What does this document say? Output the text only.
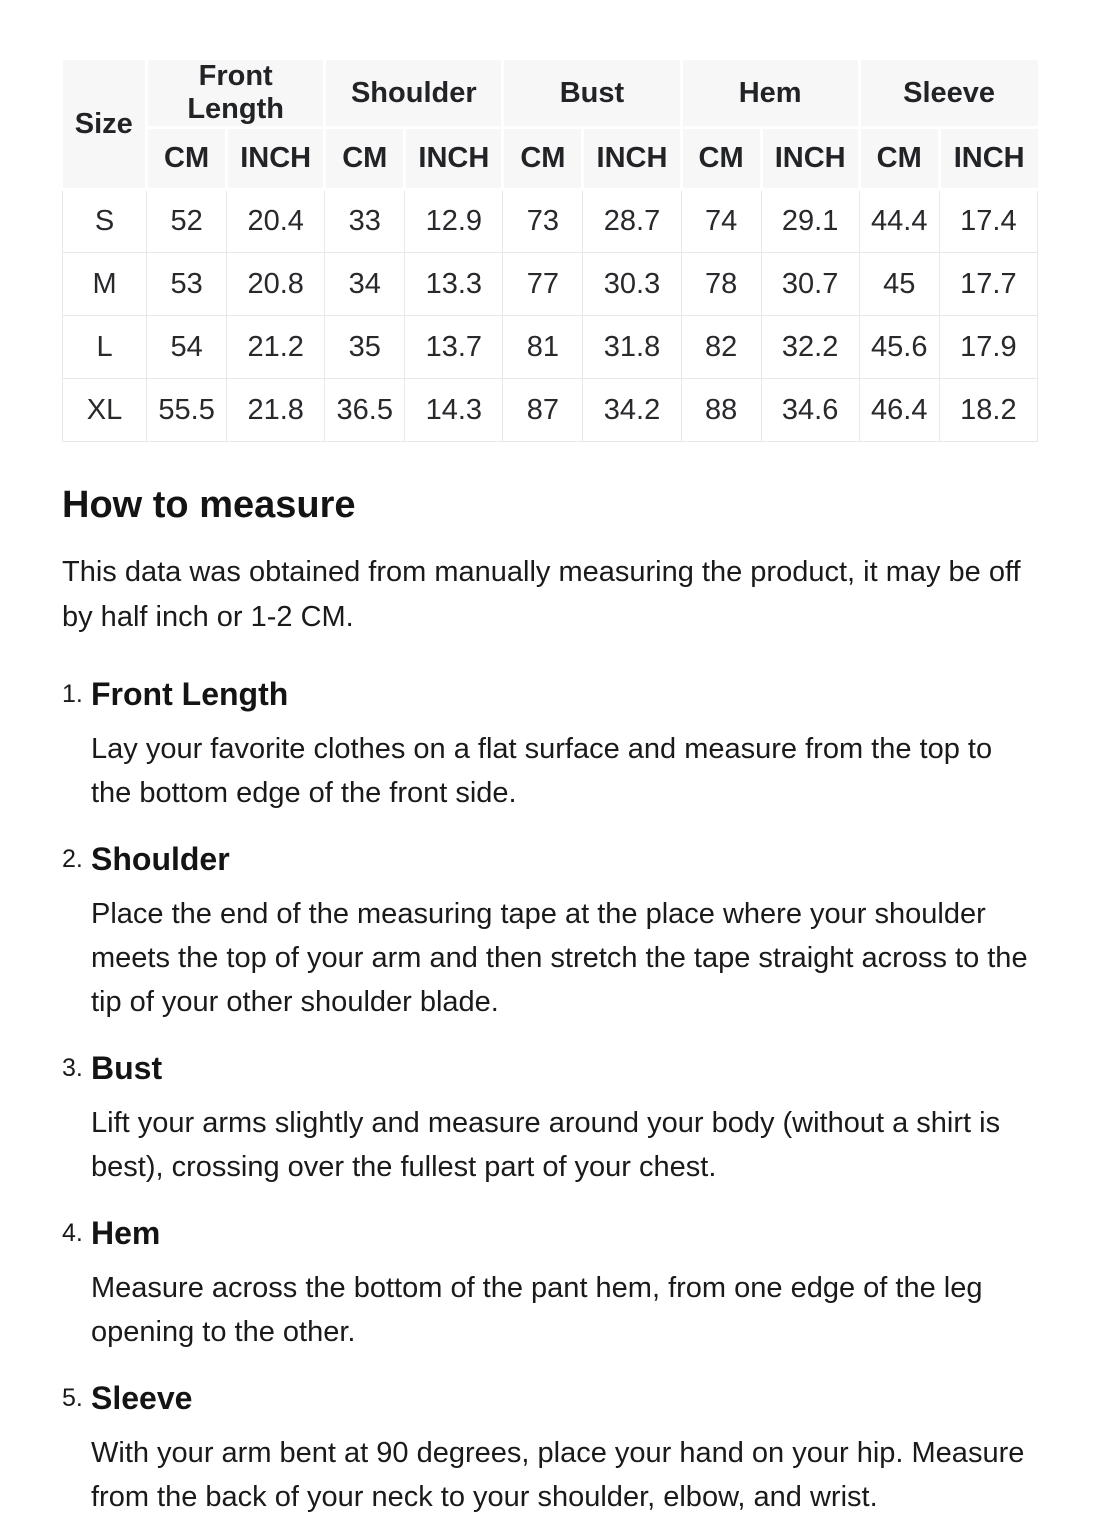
Size	Front Length		Shoulder		Bust		Hem		Sleeve	
	CM	INCH	CM	INCH	CM	INCH	CM	INCH	CM	INCH
S	52	20.4	33	12.9	73	28.7	74	29.1	44.4	17.4
M	53	20.8	34	13.3	77	30.3	78	30.7	45	17.7
L	54	21.2	35	13.7	81	31.8	82	32.2	45.6	17.9
XL	55.5	21.8	36.5	14.3	87	34.2	88	34.6	46.4	18.2
How to measure

This data was obtained from manually measuring the product, it may be off by half inch or 1-2 CM.

1. Front Length

Lay your favorite clothes on a flat surface and measure from the top to the bottom edge of the front side.

2. Shoulder

Place the end of the measuring tape at the place where your shoulder meets the top of your arm and then stretch the tape straight across to the tip of your other shoulder blade.

3. Bust

Lift your arms slightly and measure around your body (without a shirt is best), crossing over the fullest part of your chest.

4. Hem

Measure across the bottom of the pant hem, from one edge of the leg opening to the other.

5. Sleeve

With your arm bent at 90 degrees, place your hand on your hip. Measure from the back of your neck to your shoulder, elbow, and wrist.
